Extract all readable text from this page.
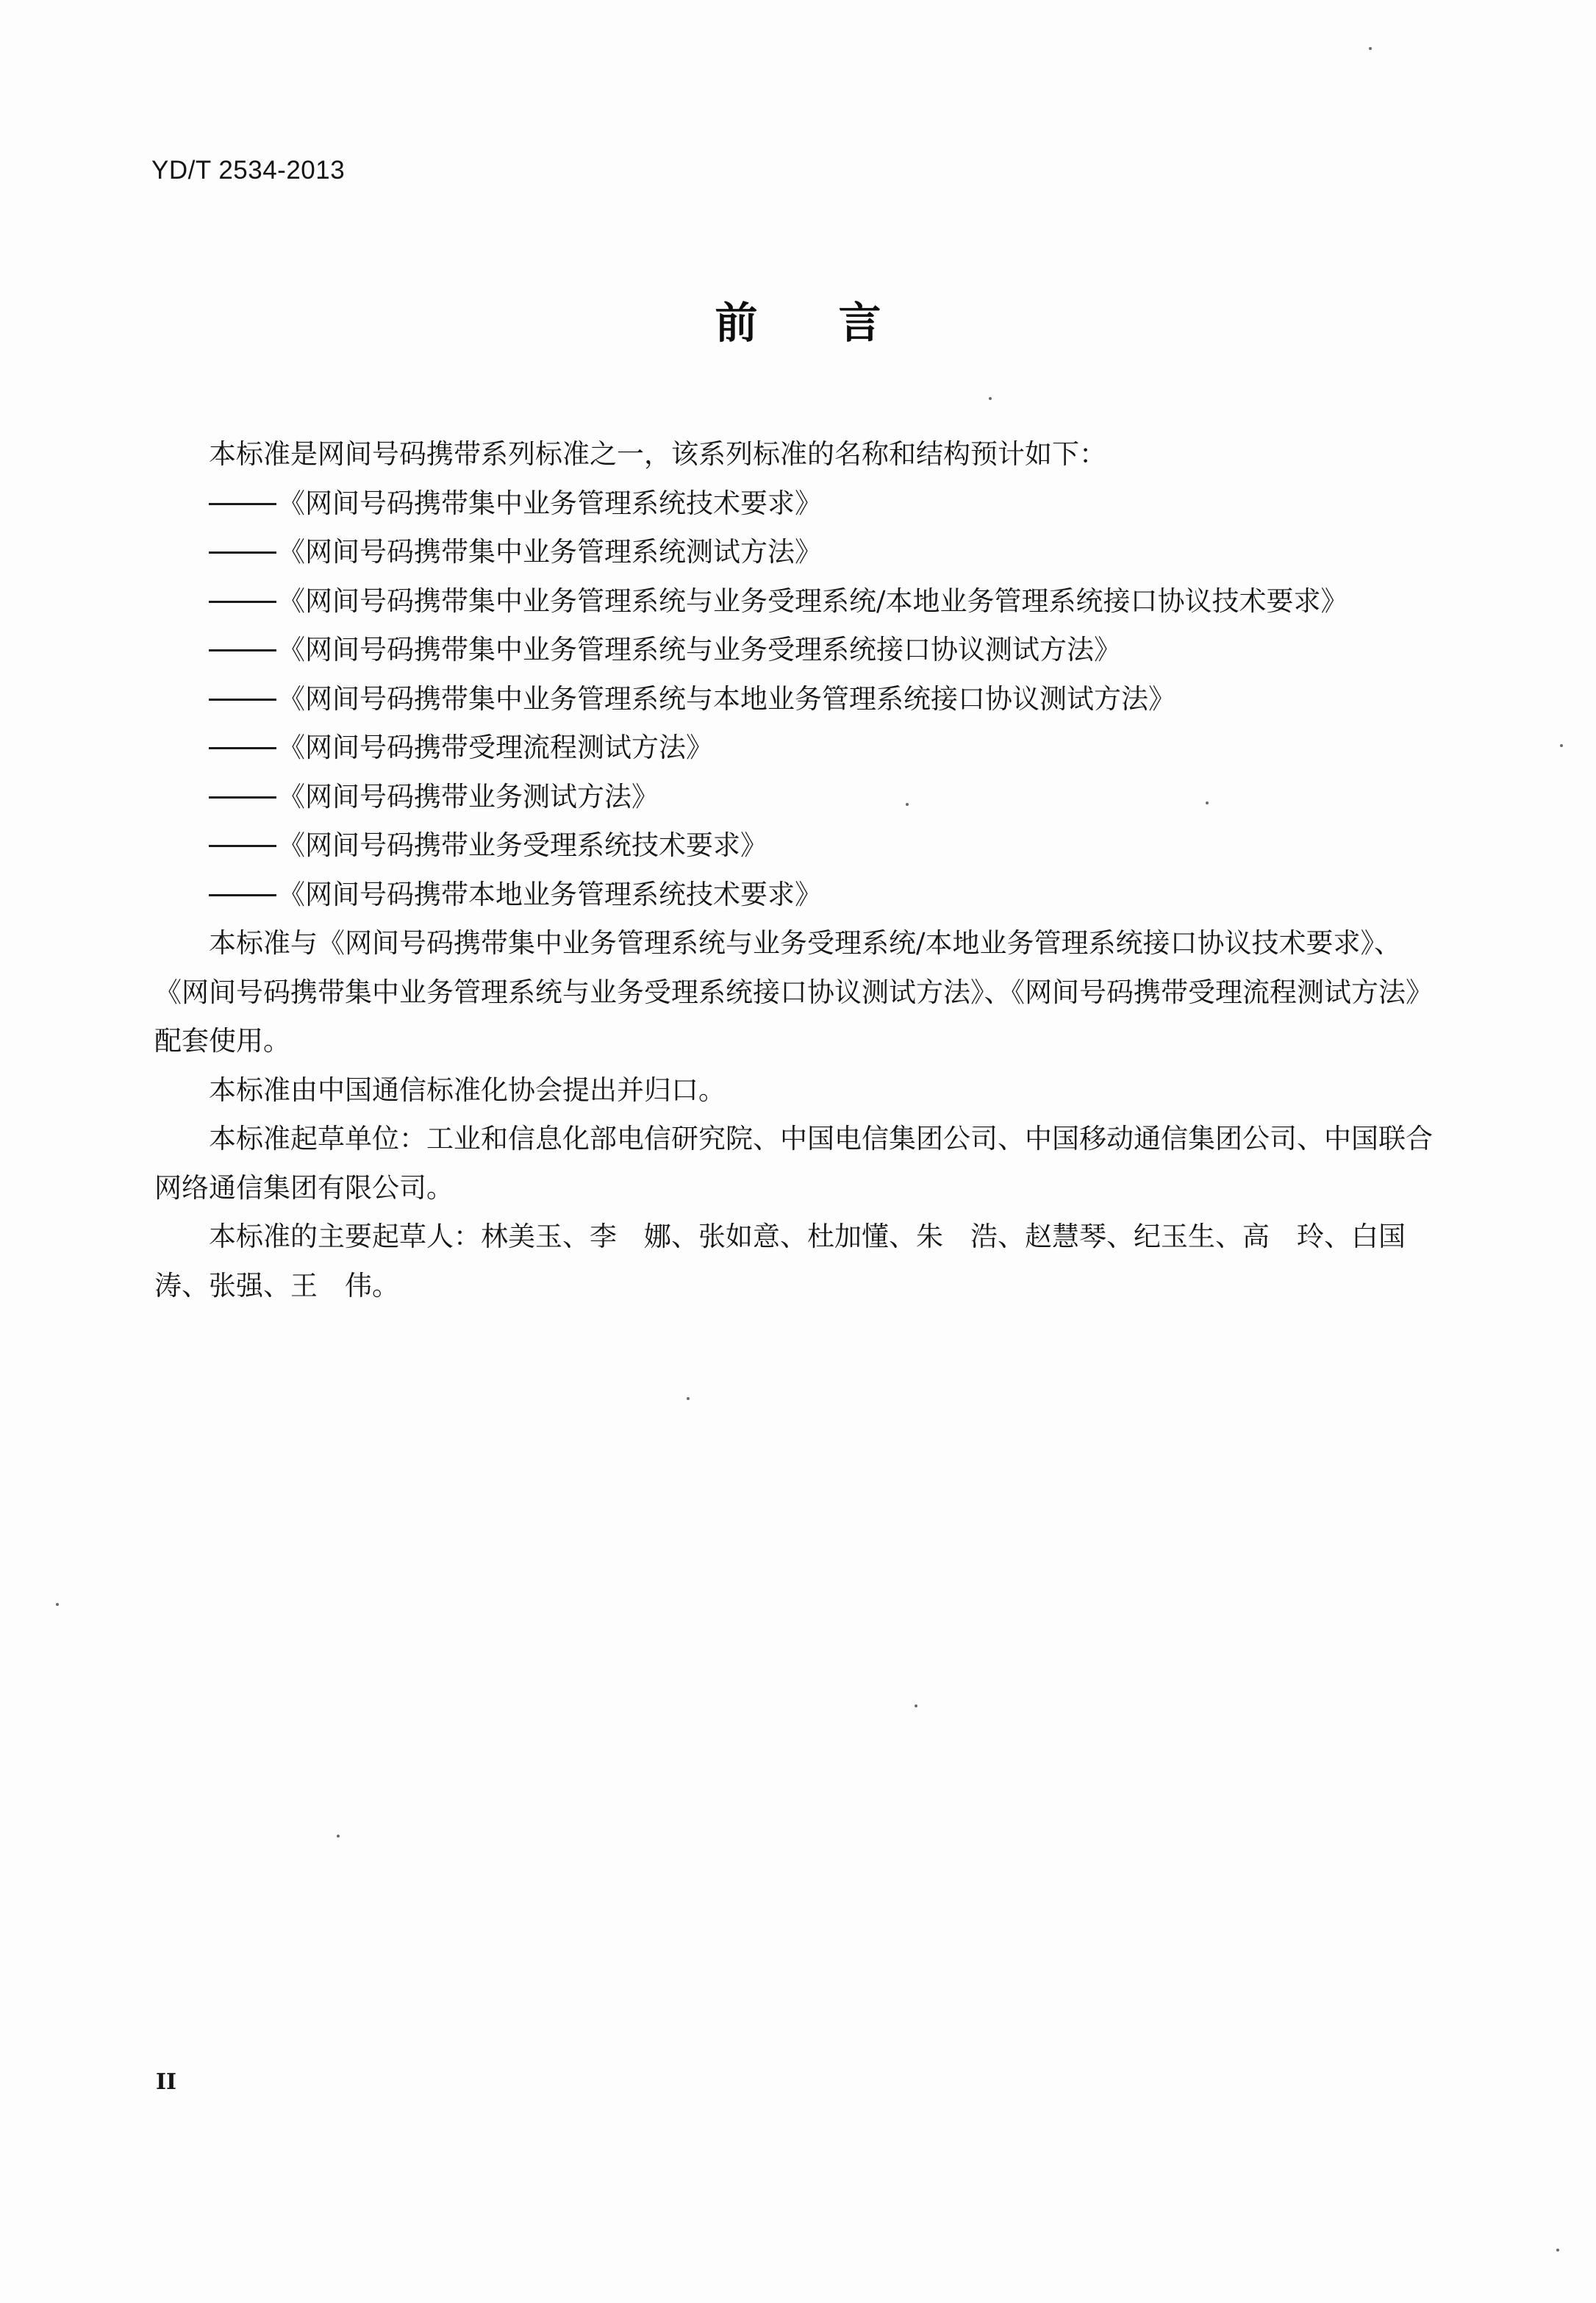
YD/T 2534-2013
前言

本标准是网间号码携带系列标准之一，该系列标准的名称和结构预计如下：

《网间号码携带集中业务管理系统技术要求》

《网间号码携带集中业务管理系统测试方法》

《网间号码携带集中业务管理系统与业务受理系统/本地业务管理系统接口协议技术要求》

《网间号码携带集中业务管理系统与业务受理系统接口协议测试方法》

《网间号码携带集中业务管理系统与本地业务管理系统接口协议测试方法》

《网间号码携带受理流程测试方法》

《网间号码携带业务测试方法》

《网间号码携带业务受理系统技术要求》

《网间号码携带本地业务管理系统技术要求》

本标准与《网间号码携带集中业务管理系统与业务受理系统/本地业务管理系统接口协议技术要求》、《网间号码携带集中业务管理系统与业务受理系统接口协议测试方法》、《网间号码携带受理流程测试方法》配套使用。

本标准由中国通信标准化协会提出并归口。

本标准起草单位：工业和信息化部电信研究院、中国电信集团公司、中国移动通信集团公司、中国联合网络通信集团有限公司。

本标准的主要起草人：林美玉、李　娜、张如意、杜加懂、朱　浩、赵慧琴、纪玉生、高　玲、白国涛、张强、王　伟。

II
